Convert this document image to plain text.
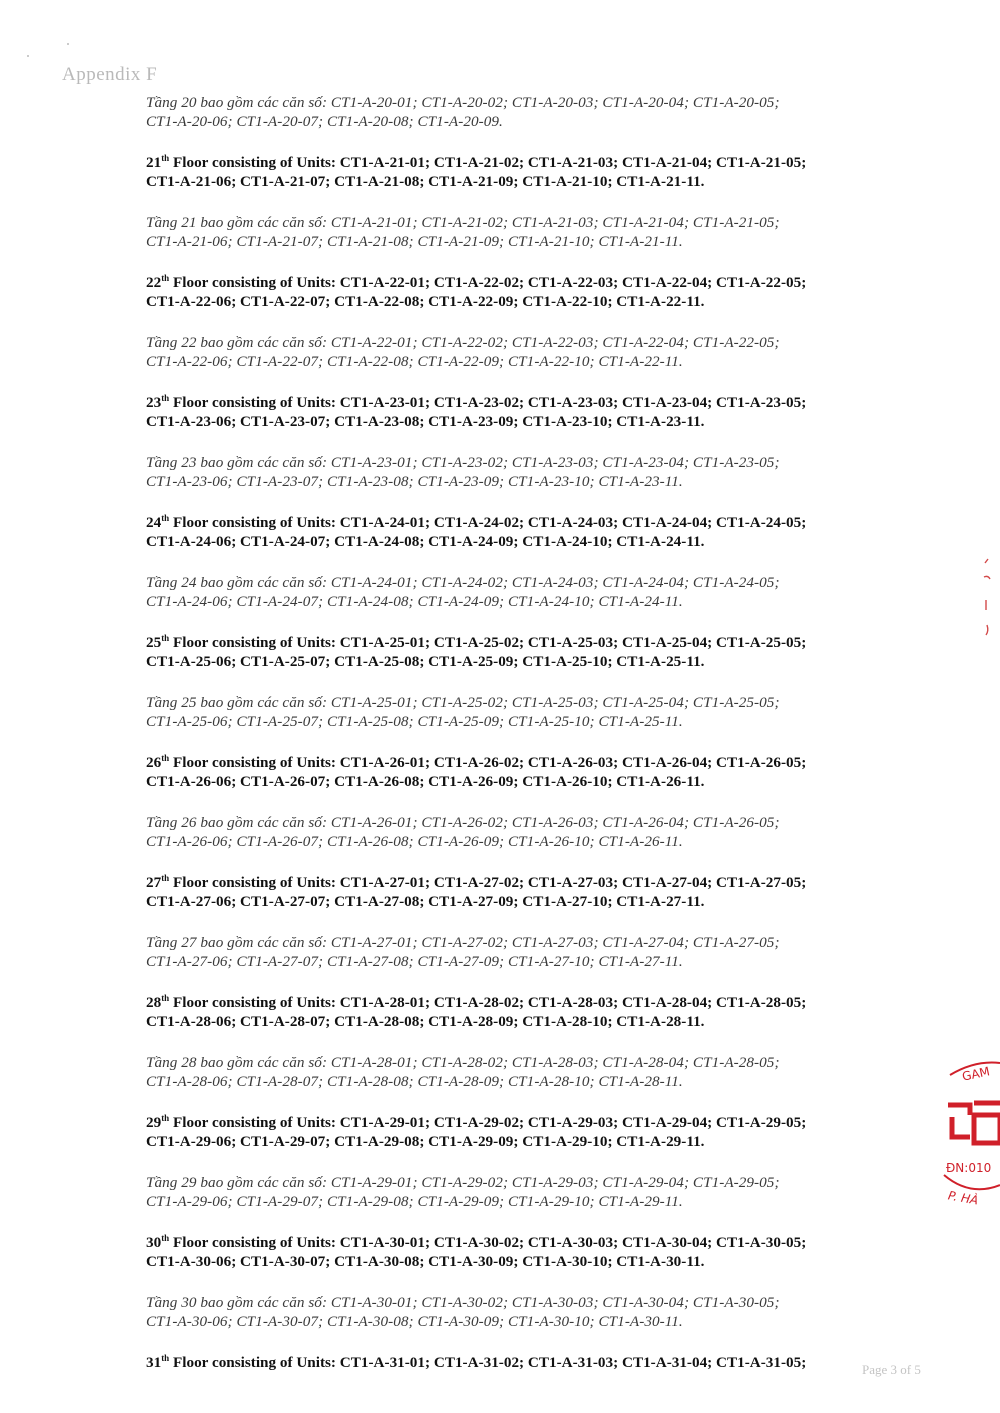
Appendix F

Tầng 20 bao gồm các căn số: CT1-A-20-01; CT1-A-20-02; CT1-A-20-03; CT1-A-20-04; CT1-A-20-05;

CT1-A-20-06; CT1-A-20-07; CT1-A-20-08; CT1-A-20-09.

21th Floor consisting of Units: CT1-A-21-01; CT1-A-21-02; CT1-A-21-03; CT1-A-21-04; CT1-A-21-05;

CT1-A-21-06; CT1-A-21-07; CT1-A-21-08; CT1-A-21-09; CT1-A-21-10; CT1-A-21-11.

Tầng 21 bao gồm các căn số: CT1-A-21-01; CT1-A-21-02; CT1-A-21-03; CT1-A-21-04; CT1-A-21-05;

CT1-A-21-06; CT1-A-21-07; CT1-A-21-08; CT1-A-21-09; CT1-A-21-10; CT1-A-21-11.

22th Floor consisting of Units: CT1-A-22-01; CT1-A-22-02; CT1-A-22-03; CT1-A-22-04; CT1-A-22-05;

CT1-A-22-06; CT1-A-22-07; CT1-A-22-08; CT1-A-22-09; CT1-A-22-10; CT1-A-22-11.

Tầng 22 bao gồm các căn số: CT1-A-22-01; CT1-A-22-02; CT1-A-22-03; CT1-A-22-04; CT1-A-22-05;

CT1-A-22-06; CT1-A-22-07; CT1-A-22-08; CT1-A-22-09; CT1-A-22-10; CT1-A-22-11.

23th Floor consisting of Units: CT1-A-23-01; CT1-A-23-02; CT1-A-23-03; CT1-A-23-04; CT1-A-23-05;

CT1-A-23-06; CT1-A-23-07; CT1-A-23-08; CT1-A-23-09; CT1-A-23-10; CT1-A-23-11.

Tầng 23 bao gồm các căn số: CT1-A-23-01; CT1-A-23-02; CT1-A-23-03; CT1-A-23-04; CT1-A-23-05;

CT1-A-23-06; CT1-A-23-07; CT1-A-23-08; CT1-A-23-09; CT1-A-23-10; CT1-A-23-11.

24th Floor consisting of Units: CT1-A-24-01; CT1-A-24-02; CT1-A-24-03; CT1-A-24-04; CT1-A-24-05;

CT1-A-24-06; CT1-A-24-07; CT1-A-24-08; CT1-A-24-09; CT1-A-24-10; CT1-A-24-11.

Tầng 24 bao gồm các căn số: CT1-A-24-01; CT1-A-24-02; CT1-A-24-03; CT1-A-24-04; CT1-A-24-05;

CT1-A-24-06; CT1-A-24-07; CT1-A-24-08; CT1-A-24-09; CT1-A-24-10; CT1-A-24-11.

25th Floor consisting of Units: CT1-A-25-01; CT1-A-25-02; CT1-A-25-03; CT1-A-25-04; CT1-A-25-05;

CT1-A-25-06; CT1-A-25-07; CT1-A-25-08; CT1-A-25-09; CT1-A-25-10; CT1-A-25-11.

Tầng 25 bao gồm các căn số: CT1-A-25-01; CT1-A-25-02; CT1-A-25-03; CT1-A-25-04; CT1-A-25-05;

CT1-A-25-06; CT1-A-25-07; CT1-A-25-08; CT1-A-25-09; CT1-A-25-10; CT1-A-25-11.

26th Floor consisting of Units: CT1-A-26-01; CT1-A-26-02; CT1-A-26-03; CT1-A-26-04; CT1-A-26-05;

CT1-A-26-06; CT1-A-26-07; CT1-A-26-08; CT1-A-26-09; CT1-A-26-10; CT1-A-26-11.

Tầng 26 bao gồm các căn số: CT1-A-26-01; CT1-A-26-02; CT1-A-26-03; CT1-A-26-04; CT1-A-26-05;

CT1-A-26-06; CT1-A-26-07; CT1-A-26-08; CT1-A-26-09; CT1-A-26-10; CT1-A-26-11.

27th Floor consisting of Units: CT1-A-27-01; CT1-A-27-02; CT1-A-27-03; CT1-A-27-04; CT1-A-27-05;

CT1-A-27-06; CT1-A-27-07; CT1-A-27-08; CT1-A-27-09; CT1-A-27-10; CT1-A-27-11.

Tầng 27 bao gồm các căn số: CT1-A-27-01; CT1-A-27-02; CT1-A-27-03; CT1-A-27-04; CT1-A-27-05;

CT1-A-27-06; CT1-A-27-07; CT1-A-27-08; CT1-A-27-09; CT1-A-27-10; CT1-A-27-11.

28th Floor consisting of Units: CT1-A-28-01; CT1-A-28-02; CT1-A-28-03; CT1-A-28-04; CT1-A-28-05;

CT1-A-28-06; CT1-A-28-07; CT1-A-28-08; CT1-A-28-09; CT1-A-28-10; CT1-A-28-11.

Tầng 28 bao gồm các căn số: CT1-A-28-01; CT1-A-28-02; CT1-A-28-03; CT1-A-28-04; CT1-A-28-05;

CT1-A-28-06; CT1-A-28-07; CT1-A-28-08; CT1-A-28-09; CT1-A-28-10; CT1-A-28-11.

29th Floor consisting of Units: CT1-A-29-01; CT1-A-29-02; CT1-A-29-03; CT1-A-29-04; CT1-A-29-05;

CT1-A-29-06; CT1-A-29-07; CT1-A-29-08; CT1-A-29-09; CT1-A-29-10; CT1-A-29-11.

Tầng 29 bao gồm các căn số: CT1-A-29-01; CT1-A-29-02; CT1-A-29-03; CT1-A-29-04; CT1-A-29-05;

CT1-A-29-06; CT1-A-29-07; CT1-A-29-08; CT1-A-29-09; CT1-A-29-10; CT1-A-29-11.

30th Floor consisting of Units: CT1-A-30-01; CT1-A-30-02; CT1-A-30-03; CT1-A-30-04; CT1-A-30-05;

CT1-A-30-06; CT1-A-30-07; CT1-A-30-08; CT1-A-30-09; CT1-A-30-10; CT1-A-30-11.

Tầng 30 bao gồm các căn số: CT1-A-30-01; CT1-A-30-02; CT1-A-30-03; CT1-A-30-04; CT1-A-30-05;

CT1-A-30-06; CT1-A-30-07; CT1-A-30-08; CT1-A-30-09; CT1-A-30-10; CT1-A-30-11.

31th Floor consisting of Units: CT1-A-31-01; CT1-A-31-02; CT1-A-31-03; CT1-A-31-04; CT1-A-31-05;

GAM
ĐN:010
P. HÀ
Page 3 of 5
